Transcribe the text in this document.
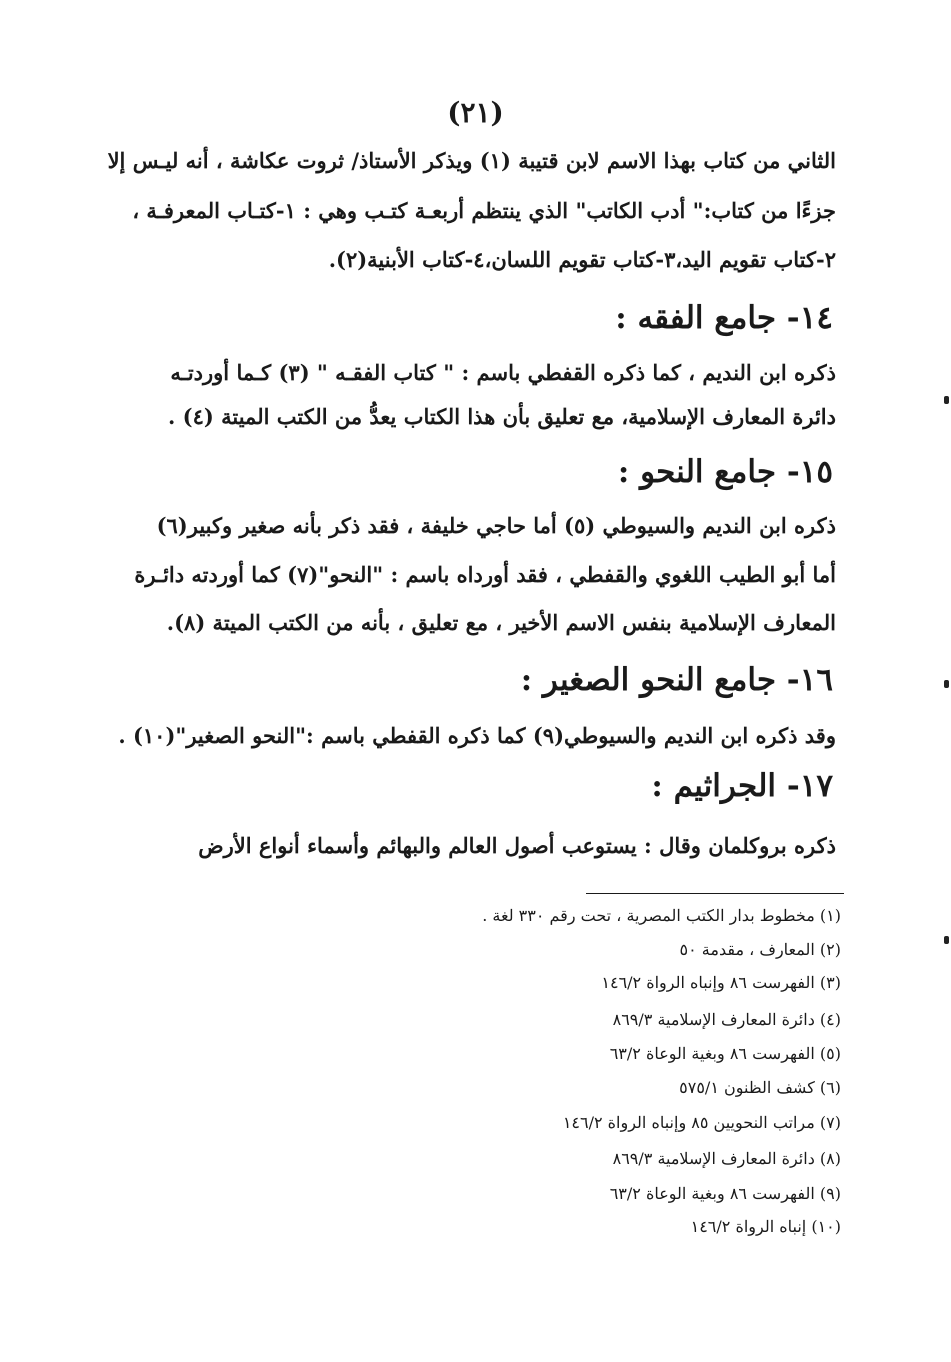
(٢١)
الثاني من كتاب بهذا الاسم لابن قتيبة (١) ويذكر الأستاذ/ ثروت عكاشة ، أنه ليـس إلا
جزءًا من كتاب:" أدب الكاتب" الذي ينتظم أربعـة كتـب وهي : ١-كتـاب المعرفـة ،
٢-كتاب تقويم اليد،٣-كتاب تقويم اللسان،٤-كتاب الأبنية(٢).
١٤- جامع الفقه :
ذكره ابن النديم ، كما ذكره القفطي باسم : " كتاب الفقـه " (٣) كـما أوردتـه
دائرة المعارف الإسلامية، مع تعليق بأن هذا الكتاب يعدُّ من الكتب الميتة (٤) .
١٥- جامع النحو :
ذكره ابن النديم والسيوطي (٥) أما حاجي خليفة ، فقد ذكر بأنه صغير وكبير(٦)
أما أبو الطيب اللغوي والقفطي ، فقد أورداه باسم : "النحو"(٧) كما أوردته دائـرة
المعارف الإسلامية بنفس الاسم الأخير ، مع تعليق ، بأنه من الكتب الميتة (٨).
١٦- جامع النحو الصغير :
وقد ذكره ابن النديم والسيوطي(٩) كما ذكره القفطي باسم :"النحو الصغير"(١٠) .
١٧- الجراثيم :
ذكره بروكلمان وقال : يستوعب أصول العالم والبهائم وأسماء أنواع الأرض
(١) مخطوط بدار الكتب المصرية ، تحت رقم ٣٣٠ لغة .
(٢) المعارف ، مقدمة ٥٠
(٣) الفهرست ٨٦ وإنباه الرواة ١٤٦/٢
(٤) دائرة المعارف الإسلامية ٨٦٩/٣
(٥) الفهرست ٨٦ وبغية الوعاة ٦٣/٢
(٦) كشف الظنون ٥٧٥/١
(٧) مراتب النحويين ٨٥ وإنباه الرواة ١٤٦/٢
(٨) دائرة المعارف الإسلامية ٨٦٩/٣
(٩) الفهرست ٨٦ وبغية الوعاة ٦٣/٢
(١٠) إنباه الرواة ١٤٦/٢
